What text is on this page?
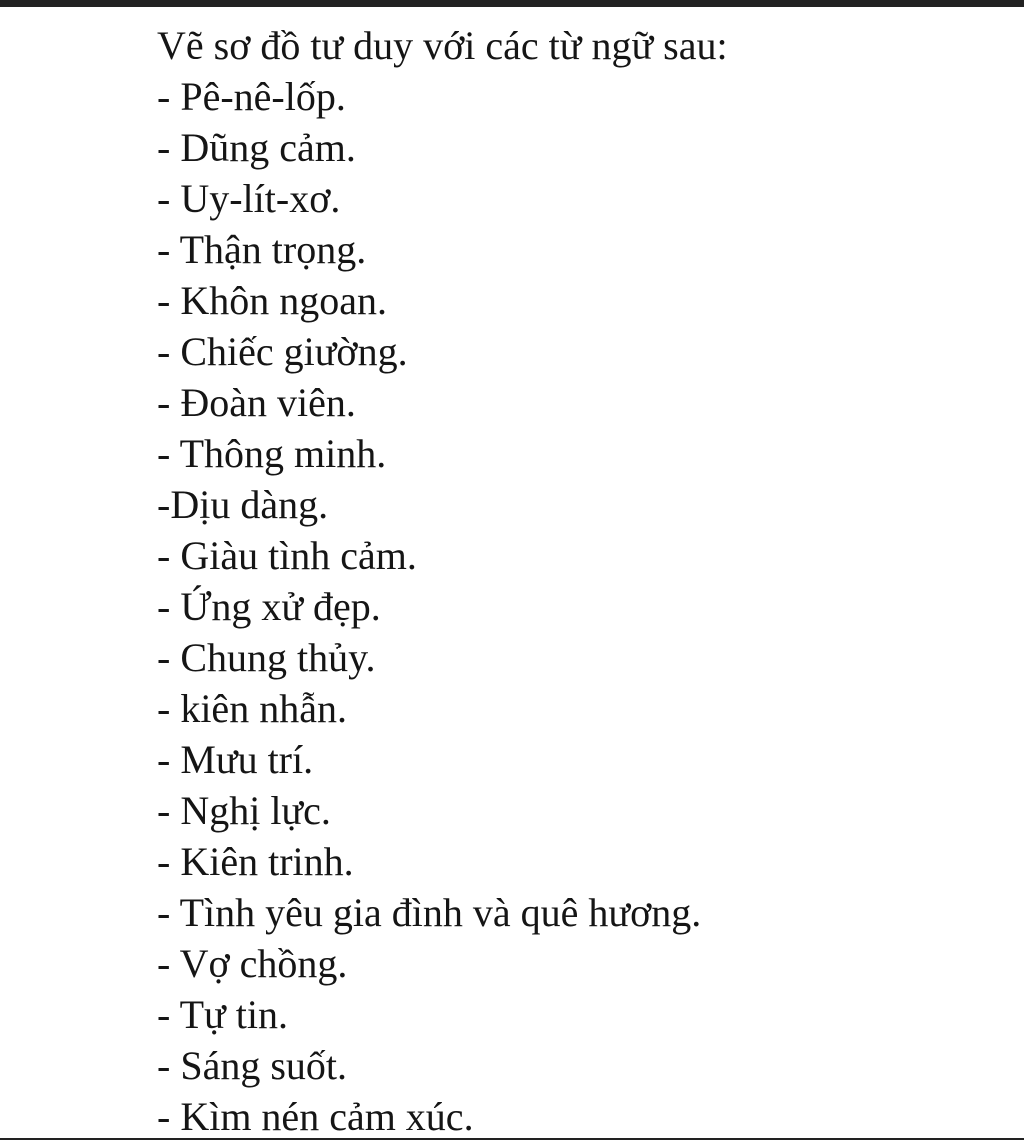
Vẽ sơ đồ tư duy với các từ ngữ sau:
- Pê-nê-lốp.
- Dũng cảm.
- Uy-lít-xơ.
- Thận trọng.
- Khôn ngoan.
- Chiếc giường.
- Đoàn viên.
- Thông minh.
-Dịu dàng.
- Giàu tình cảm.
- Ứng xử đẹp.
- Chung thủy.
- kiên nhẫn.
- Mưu trí.
- Nghị lực.
- Kiên trinh.
- Tình yêu gia đình và quê hương.
- Vợ chồng.
- Tự tin.
- Sáng suốt.
- Kìm nén cảm xúc.
